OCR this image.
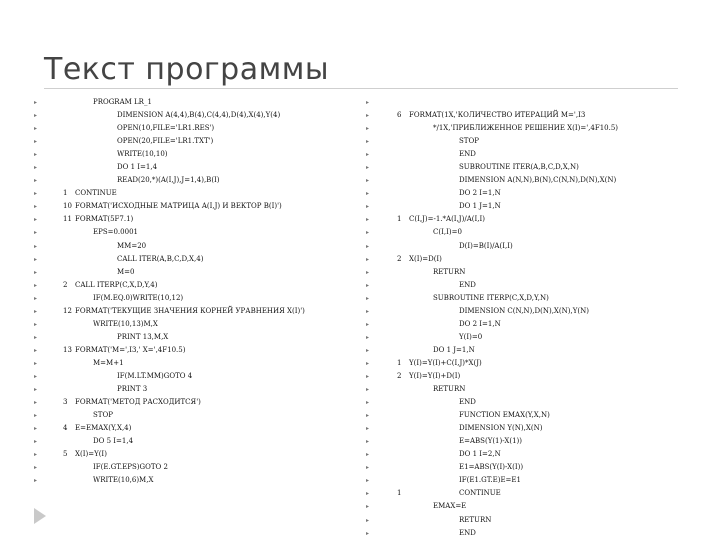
Текст программы
▸	PROGRAM LR_1
▸	DIMENSION A(4,4),B(4),C(4,4),D(4),X(4),Y(4)
▸	OPEN(10,FILE='LR1.RES')
▸	OPEN(20,FILE='LR1.TXT')
▸	WRITE(10,10)
▸	DO 1 I=1,4
▸	READ(20,*)(A(I,J),J=1,4),B(I)
▸	1 CONTINUE
▸	10 FORMAT('ИСХОДНЫЕ МАТРИЦА A(I,J) И ВЕКТОР B(I)')
▸	11 FORMAT(5F7.1)
▸	EPS=0.0001
▸	MM=20
▸	CALL ITER(A,B,C,D,X,4)
▸	M=0
▸	2 CALL ITERP(C,X,D,Y,4)
▸	IF(M.EQ.0)WRITE(10,12)
▸	12 FORMAT('ТЕКУЩИЕ ЗНАЧЕНИЯ КОРНЕЙ УРАВНЕНИЯ X(I)')
▸	WRITE(10,13)M,X
▸	PRINT 13,M,X
▸	13 FORMAT('M=',I3,' X=',4F10.5)
▸	M=M+1
▸	IF(M.LT.MM)GOTO 4
▸	PRINT 3
▸	3 FORMAT('МЕТОД РАСХОДИТСЯ')
▸	STOP
▸	4 E=EMAX(Y,X,4)
▸	DO 5 I=1,4
▸	5 X(I)=Y(I)
▸	IF(E.GT.EPS)GOTO 2
▸	WRITE(10,6)M,X
▸
▸	6 FORMAT(1X,'КОЛИЧЕСТВО ИТЕРАЦИЙ M=',I3
▸	*/1X,'ПРИБЛИЖЕННОЕ РЕШЕНИЕ X(I)=',4F10.5)
▸	STOP
▸	END
▸	SUBROUTINE ITER(A,B,C,D,X,N)
▸	DIMENSION A(N,N),B(N),C(N,N),D(N),X(N)
▸	DO 2 I=1,N
▸	DO 1 J=1,N
▸	1 C(I,J)=-1.*A(I,J)/A(I,I)
▸	C(I,I)=0
▸	D(I)=B(I)/A(I,I)
▸	2 X(I)=D(I)
▸	RETURN
▸	END
▸	SUBROUTINE ITERP(C,X,D,Y,N)
▸	DIMENSION C(N,N),D(N),X(N),Y(N)
▸	DO 2 I=1,N
▸	Y(I)=0
▸	DO 1 J=1,N
▸	1 Y(I)=Y(I)+C(I,J)*X(J)
▸	2 Y(I)=Y(I)+D(I)
▸	RETURN
▸	END
▸	FUNCTION EMAX(Y,X,N)
▸	DIMENSION Y(N),X(N)
▸	E=ABS(Y(1)-X(1))
▸	DO 1 I=2,N
▸	E1=ABS(Y(I)-X(I))
▸	IF(E1.GT.E)E=E1
▸	1	CONTINUE
▸	EMAX=E
▸	RETURN
▸	END
